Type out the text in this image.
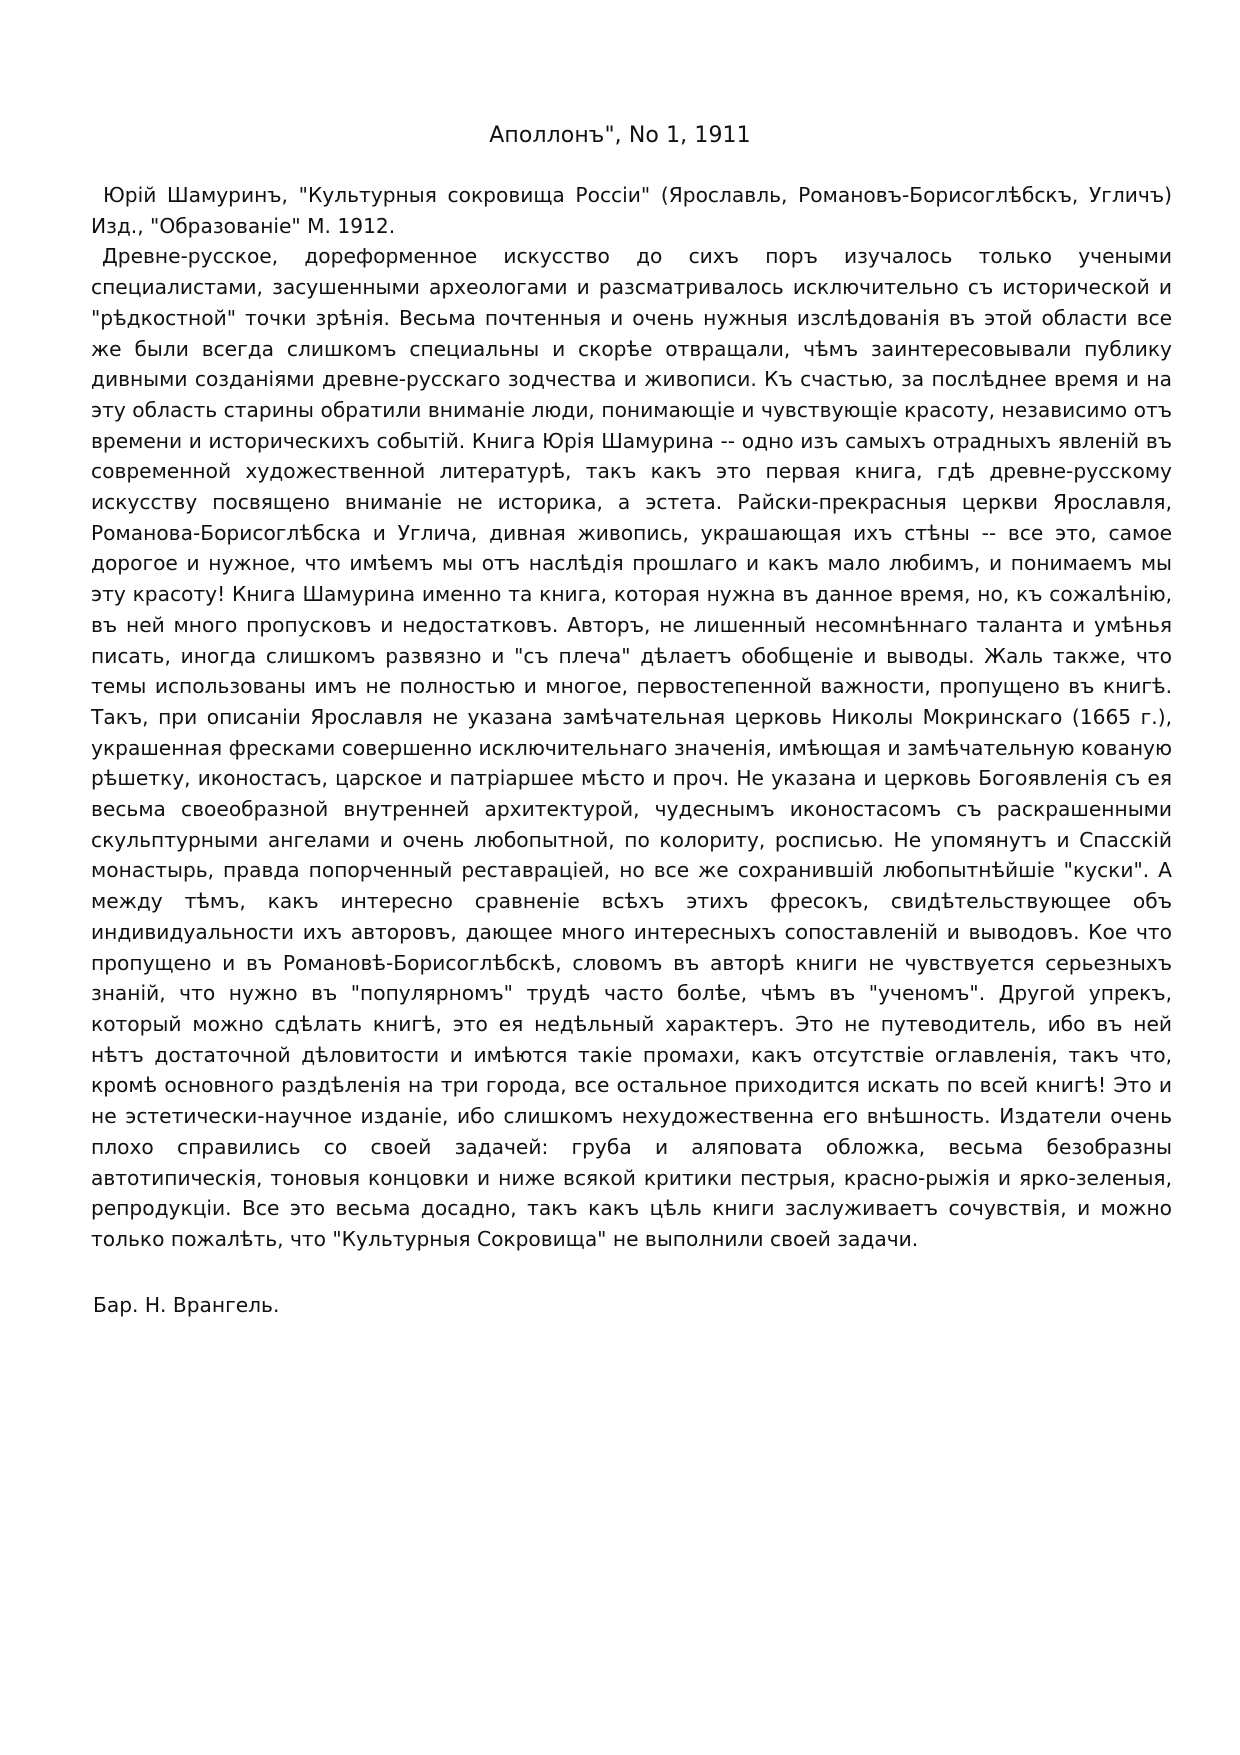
Аполлонъ", No 1, 1911

Юрій Шамуринъ, "Культурныя сокровища Россіи" (Ярославль, Романовъ-Борисоглѣбскъ, Угличъ) Изд., "Образованіе" М. 1912.

Древне-русское, дореформенное искусство до сихъ поръ изучалось только учеными специалистами, засушенными археологами и разсматривалось исключительно съ исторической и "рѣдкостной" точки зрѣнія. Весьма почтенныя и очень нужныя изслѣдованія въ этой области все же были всегда слишкомъ специальны и скорѣе отвращали, чѣмъ заинтересовывали публику дивными созданіями древне-русскаго зодчества и живописи. Къ счастью, за послѣднее время и на эту область старины обратили вниманіе люди, понимающіе и чувствующіе красоту, независимо отъ времени и историческихъ событій. Книга Юрія Шамурина -- одно изъ самыхъ отрадныхъ явленій въ современной художественной литературѣ, такъ какъ это первая книга, гдѣ древне-русскому искусству посвящено вниманіе не историка, а эстета. Райски-прекрасныя церкви Ярославля, Романова-Борисоглѣбска и Углича, дивная живопись, украшающая ихъ стѣны -- все это, самое дорогое и нужное, что имѣемъ мы отъ наслѣдія прошлаго и какъ мало любимъ, и понимаемъ мы эту красоту! Книга Шамурина именно та книга, которая нужна въ данное время, но, къ сожалѣнію, въ ней много пропусковъ и недостатковъ. Авторъ, не лишенный несомнѣннаго таланта и умѣнья писать, иногда слишкомъ развязно и "съ плеча" дѣлаетъ обобщеніе и выводы. Жаль также, что темы использованы имъ не полностью и многое, первостепенной важности, пропущено въ книгѣ. Такъ, при описаніи Ярославля не указана замѣчательная церковь Николы Мокринскаго (1665 г.), украшенная фресками совершенно исключительнаго значенія, имѣющая и замѣчательную кованую рѣшетку, иконостасъ, царское и патріаршее мѣсто и проч. Не указана и церковь Богоявленія съ ея весьма своеобразной внутренней архитектурой, чудеснымъ иконостасомъ съ раскрашенными скульптурными ангелами и очень любопытной, по колориту, росписью. Не упомянутъ и Спасскій монастырь, правда попорченный реставрацiей, но все же сохранившій любопытнѣйшіе "куски". А между тѣмъ, какъ интересно сравненіе всѣхъ этихъ фресокъ, свидѣтельствующее объ индивидуальности ихъ авторовъ, дающее много интересныхъ сопоставленій и выводовъ. Кое что пропущено и въ Романовѣ-Борисоглѣбскѣ, словомъ въ авторѣ книги не чувствуется серьезныхъ знаній, что нужно въ "популярномъ" трудѣ часто болѣе, чѣмъ въ "ученомъ". Другой упрекъ, который можно сдѣлать книгѣ, это ея недѣльный характеръ. Это не путеводитель, ибо въ ней нѣтъ достаточной дѣловитости и имѣются такіе промахи, какъ отсутствіе оглавленія, такъ что, кромѣ основного раздѣленія на три города, все остальное приходится искать по всей книгѣ! Это и не эстетически-научное изданіе, ибо слишкомъ нехудожественна его внѣшность. Издатели очень плохо справились со своей задачей: груба и аляповата обложка, весьма безобразны автотипическія, тоновыя концовки и ниже всякой критики пестрыя, красно-рыжія и ярко-зеленыя, репродукціи. Все это весьма досадно, такъ какъ цѣль книги заслуживаетъ сочувствія, и можно только пожалѣть, что "Культурныя Сокровища" не выполнили своей задачи.

Бар. Н. Врангель.
